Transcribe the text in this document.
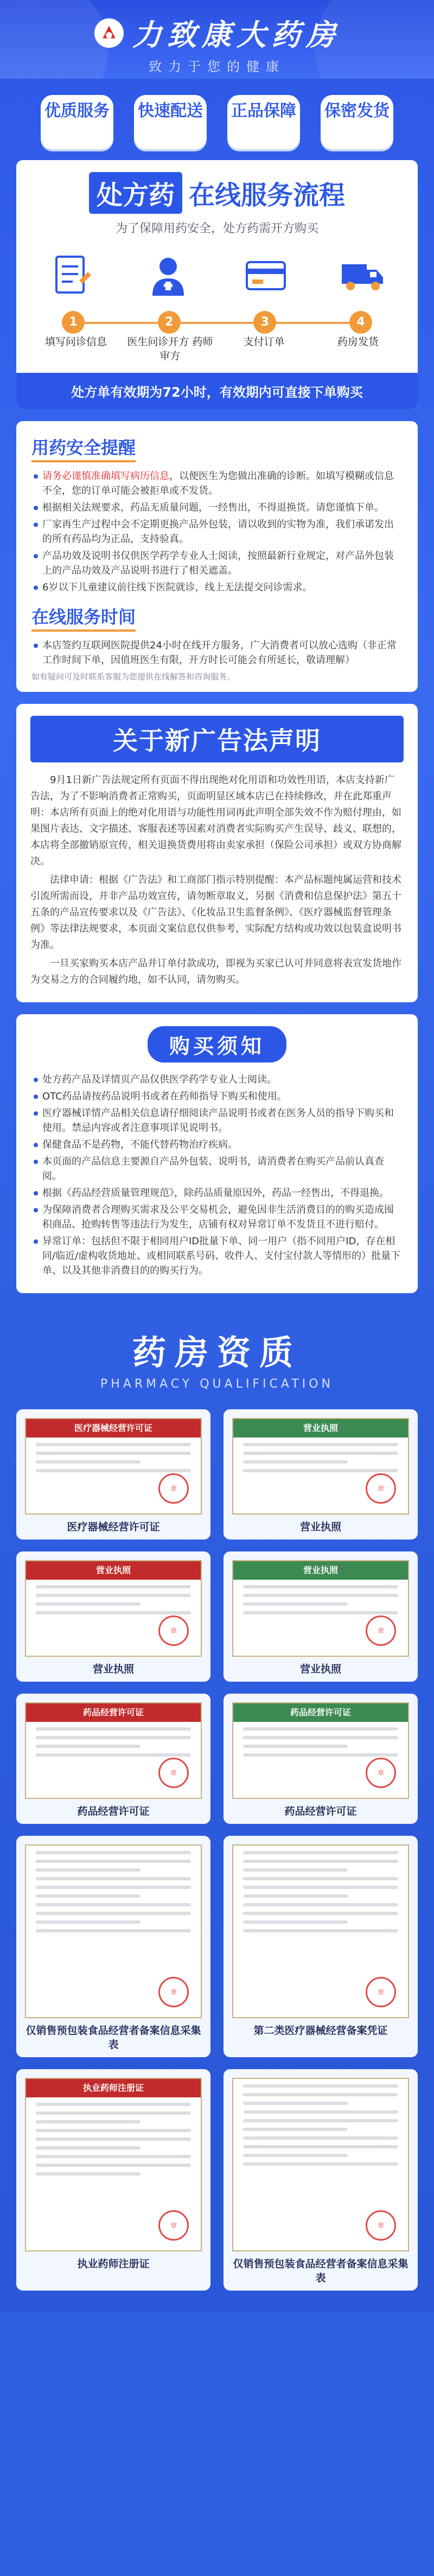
力致康大药房
致力于您的健康
优质服务 快速配送 正品保障 保密发货
处方药 在线服务流程
为了保障用药安全，处方药需开方购买
1	2	3	4
填写问诊信息	医生问诊开方 药师审方
支付订单	药房发货
处方单有效期为72小时，有效期内可直接下单购买
用药安全提醒
请务必谨慎准确填写病历信息，以便医生为您做出准确的诊断。如填写模糊或信息不全，您的订单可能会被拒单或不发货。
根据相关法规要求，药品无质量问题，一经售出，不得退换货。请您谨慎下单。
厂家再生产过程中会不定期更换产品外包装，请以收到的实物为准，我们承诺发出的所有药品均为正品，支持验真。
产品功效及说明书仅供医学药学专业人士阅读，按照最新行业规定，对产品外包装上的产品功效及产品说明书进行了相关遮盖。
6岁以下儿童建议前往线下医院就诊，线上无法提交问诊需求。
在线服务时间
本店签约互联网医院提供24小时在线开方服务，广大消费者可以放心选购（非正常工作时间下单，因值班医生有限，开方时长可能会有所延长，敬请理解）
如有疑问可及时联系客服为您提供在线解答和咨询服务。
关于新广告法声明

9月1日新广告法规定所有页面不得出现绝对化用语和功效性用语，本店支持新广告法，为了不影响消费者正常购买，页面明显区域本店已在持续修改，并在此郑重声明：本店所有页面上的绝对化用语与功能性用词再此声明全部失效不作为赔付理由，如果图片表达、文字描述、客服表述等因素对消费者实际购买产生误导、歧义、联想的，本店将全部撤销原宣传，相关退换货费用将由卖家承担（保险公司承担）或双方协商解决。

法律申请：根据《广告法》和工商部门指示特别提醒：本产品标题纯属运营和技术引流所需而设，并非产品功效宣传，请勿断章取义，另据《消费和信息保护法》第五十五条的产品宣传要求以及《广告法》、《化妆品卫生监督条例》、《医疗器械监督管理条例》等法律法规要求，本页面文案信息仅供参考，实际配方结构或功效以包装盒说明书为准。

一旦买家购买本店产品并订单付款成功，即视为买家已认可并同意将表宣发货地作为交易之方的合同履约地，如不认同，请勿购买。

购买须知
处方药产品及详情页产品仅供医学药学专业人士阅读。
OTC药品请按药品说明书或者在药师指导下购买和使用。
医疗器械详情产品相关信息请仔细阅读产品说明书或者在医务人员的指导下购买和使用。禁忌内容或者注意事项详见说明书。
保健食品不是药物，不能代替药物治疗疾病。
本页面的产品信息主要源自产品外包装、说明书，请消费者在购买产品前认真查阅。
根据《药品经营质量管理规范》，除药品质量原因外，药品一经售出，不得退换。
为保障消费者合理购买需求及公平交易机会，避免因非生活消费目的的购买造成囤积商品、抢购转售等违法行为发生，店铺有权对异常订单不发货且不进行赔付。
异常订单：包括但不限于相同用户ID批量下单、同一用户（指不同用户ID，存在相同/临近/虚构收货地址、或相同联系号码、收件人、支付宝付款人等情形的）批量下单、以及其他非消费目的的购买行为。
药房资质
PHARMACY QUALIFICATION
医疗器械经营许可证
章
医疗器械经营许可证
营业执照
章
营业执照
营业执照
章
营业执照
营业执照
章
营业执照
药品经营许可证
章
药品经营许可证
药品经营许可证
章
药品经营许可证
章
仅销售预包装食品经营者备案信息采集表
章
第二类医疗器械经营备案凭证
执业药师注册证
章
执业药师注册证
章
仅销售预包装食品经营者备案信息采集表
